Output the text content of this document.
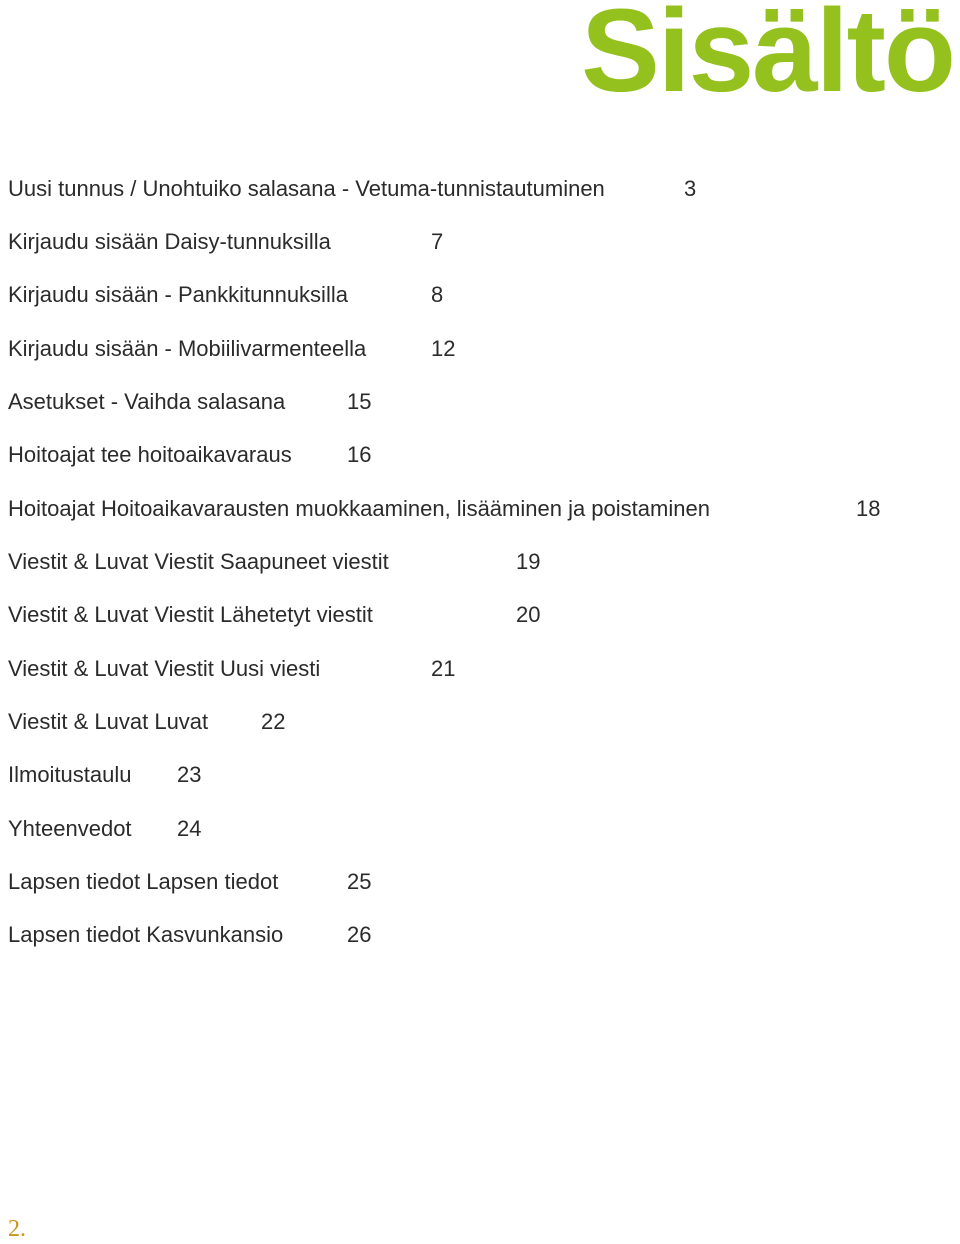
Sisältö
Uusi tunnus / Unohtuiko salasana - Vetuma-tunnistautuminen	3
Kirjaudu sisään Daisy-tunnuksilla	7
Kirjaudu sisään - Pankkitunnuksilla	8
Kirjaudu sisään - Mobiilivarmenteella	12
Asetukset - Vaihda salasana	15
Hoitoajat tee hoitoaikavaraus	16
Hoitoajat Hoitoaikavarausten muokkaaminen, lisääminen ja poistaminen	18
Viestit & Luvat Viestit Saapuneet viestit	19
Viestit & Luvat Viestit Lähetetyt viestit	20
Viestit & Luvat Viestit Uusi viesti	21
Viestit & Luvat Luvat 22
Ilmoitustaulu 23
Yhteenvedot 24
Lapsen tiedot Lapsen tiedot	25
Lapsen tiedot Kasvunkansio	26
2.
